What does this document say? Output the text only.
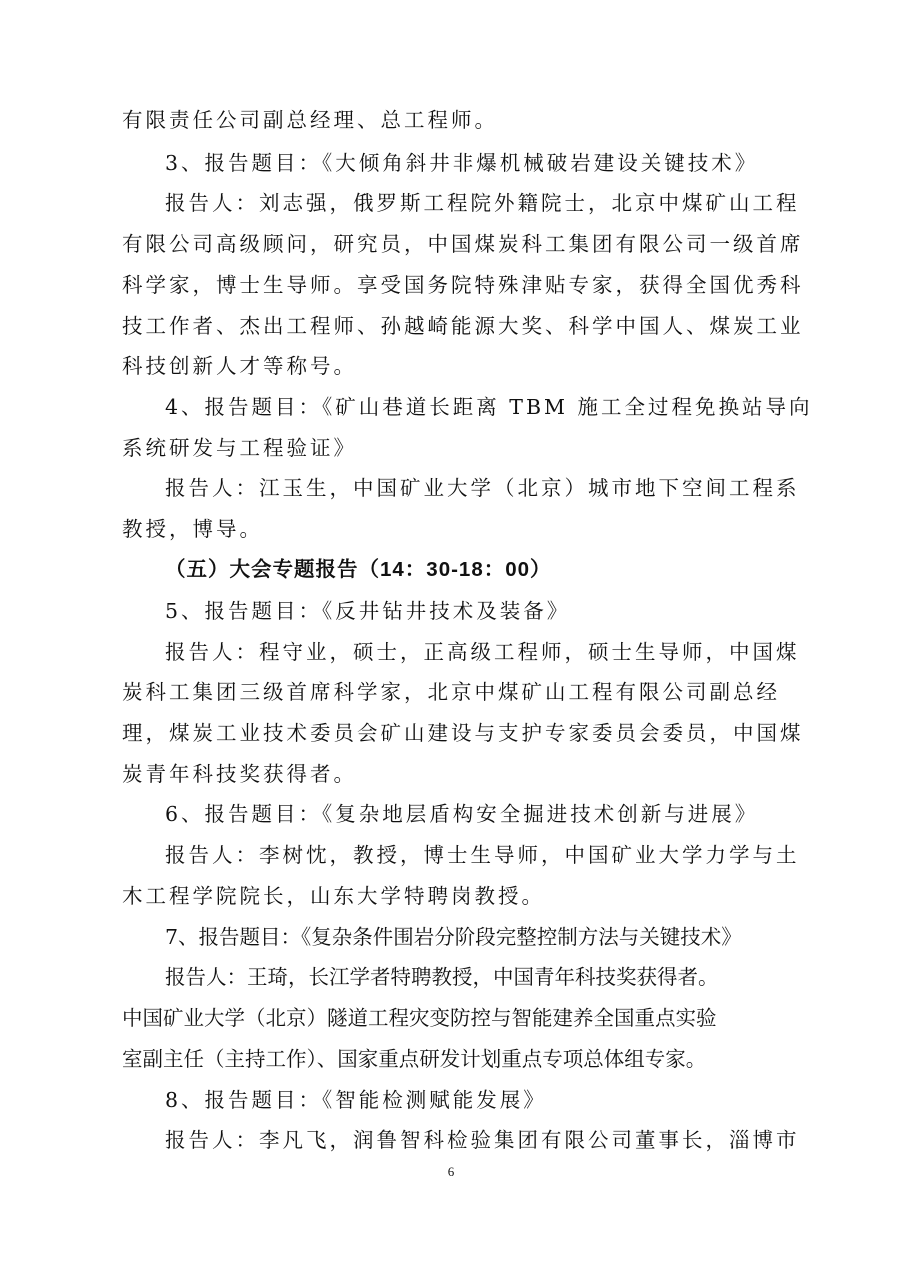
有限责任公司副总经理、总工程师。
3、报告题目：《大倾角斜井非爆机械破岩建设关键技术》
报告人：刘志强，俄罗斯工程院外籍院士，北京中煤矿山工程
有限公司高级顾问，研究员，中国煤炭科工集团有限公司一级首席
科学家，博士生导师。享受国务院特殊津贴专家，获得全国优秀科
技工作者、杰出工程师、孙越崎能源大奖、科学中国人、煤炭工业
科技创新人才等称号。
4、报告题目：《矿山巷道长距离 TBM 施工全过程免换站导向
系统研发与工程验证》
报告人：江玉生，中国矿业大学（北京）城市地下空间工程系
教授，博导。
（五）大会专题报告（14：30-18：00）
5、报告题目：《反井钻井技术及装备》
报告人：程守业，硕士，正高级工程师，硕士生导师，中国煤
炭科工集团三级首席科学家，北京中煤矿山工程有限公司副总经
理，煤炭工业技术委员会矿山建设与支护专家委员会委员，中国煤
炭青年科技奖获得者。
6、报告题目：《复杂地层盾构安全掘进技术创新与进展》
报告人：李树忱，教授，博士生导师，中国矿业大学力学与土
木工程学院院长，山东大学特聘岗教授。
7、报告题目：《复杂条件围岩分阶段完整控制方法与关键技术》
报告人：王琦，长江学者特聘教授，中国青年科技奖获得者。
中国矿业大学（北京）隧道工程灾变防控与智能建养全国重点实验
室副主任（主持工作）、国家重点研发计划重点专项总体组专家。
8、报告题目：《智能检测赋能发展》
报告人：李凡飞，润鲁智科检验集团有限公司董事长，淄博市
6
